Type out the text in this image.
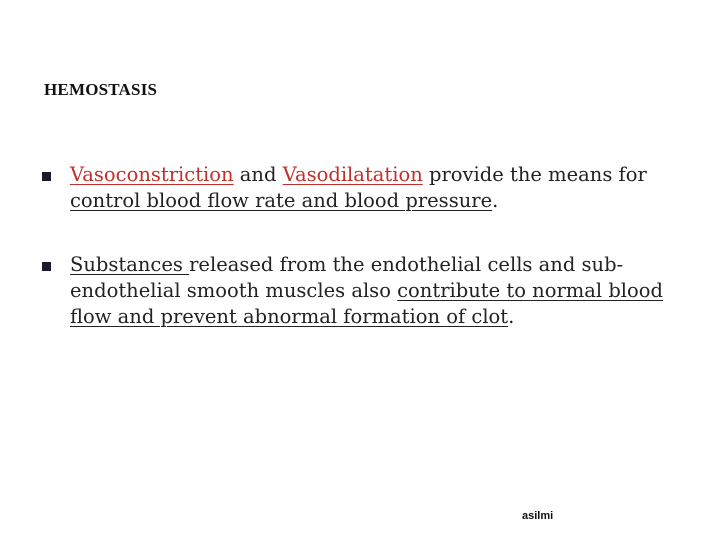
HEMOSTASIS
Vasoconstriction and Vasodilatation provide the means for control blood flow rate and blood pressure.
Substances released from the endothelial cells and sub-endothelial smooth muscles also contribute to normal blood flow and prevent abnormal formation of clot.
asilmi
